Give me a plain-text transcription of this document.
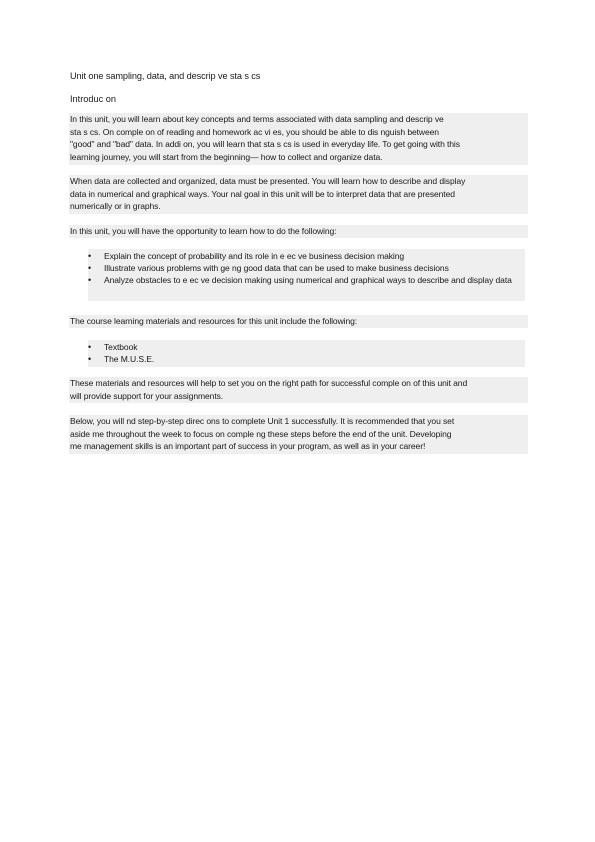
Unit one sampling, data, and descrip ve sta s cs
Introduc on
In this unit, you will learn about key concepts and terms associated with data sampling and descrip ve
sta s cs. On comple on of reading and homework ac vi es, you should be able to dis nguish between
"good" and "bad" data. In addi on, you will learn that sta s cs is used in everyday life. To get going with this
learning journey, you will start from the beginning— how to collect and organize data.
When data are collected and organized, data must be presented. You will learn how to describe and display
data in numerical and graphical ways. Your nal goal in this unit will be to interpret data that are presented
numerically or in graphs.
In this unit, you will have the opportunity to learn how to do the following:
• Explain the concept of probability and its role in e ec ve business decision making
• Illustrate various problems with ge ng good data that can be used to make business decisions
• Analyze obstacles to e ec ve decision making using numerical and graphical ways to describe and display data
The course learning materials and resources for this unit include the following:
• Textbook
• The M.U.S.E.
These materials and resources will help to set you on the right path for successful comple on of this unit and
will provide support for your assignments.
Below, you will nd step-by-step direc ons to complete Unit 1 successfully. It is recommended that you set
aside me throughout the week to focus on comple ng these steps before the end of the unit. Developing
me management skills is an important part of success in your program, as well as in your career!
